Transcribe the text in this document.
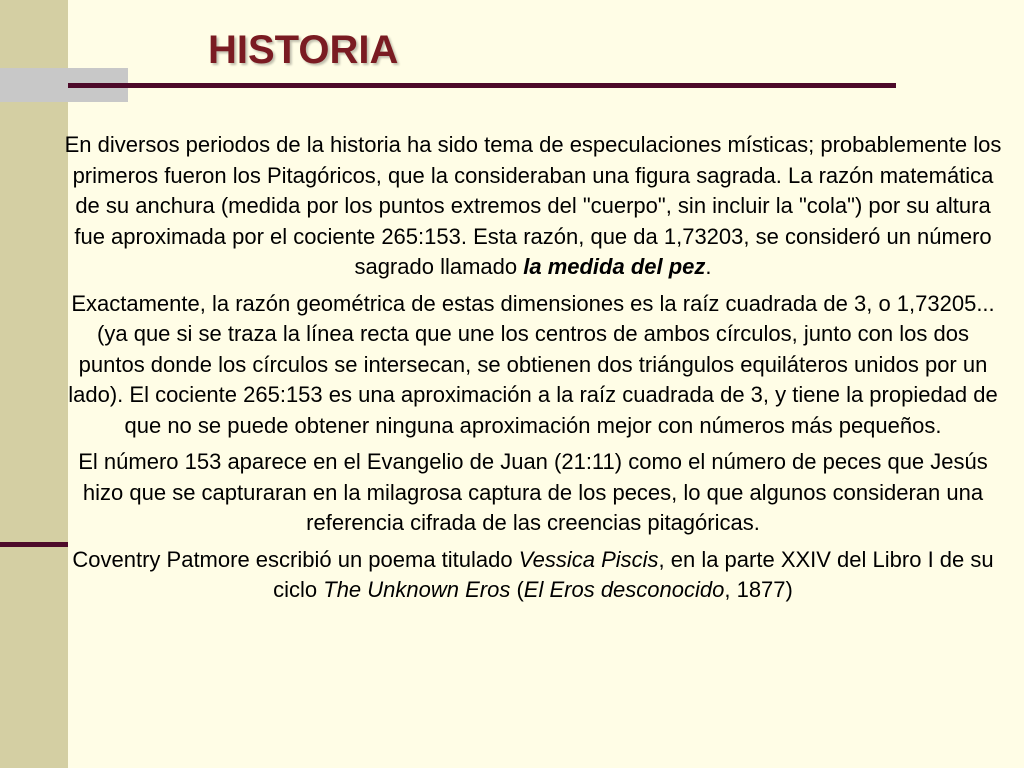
HISTORIA

En diversos periodos de la historia ha sido tema de especulaciones místicas; probablemente los primeros fueron los Pitagóricos, que la consideraban una figura sagrada. La razón matemática de su anchura (medida por los puntos extremos del "cuerpo", sin incluir la "cola") por su altura fue aproximada por el cociente 265:153. Esta razón, que da 1,73203, se consideró un número sagrado llamado la medida del pez.

Exactamente, la razón geométrica de estas dimensiones es la raíz cuadrada de 3, o 1,73205... (ya que si se traza la línea recta que une los centros de ambos círculos, junto con los dos puntos donde los círculos se intersecan, se obtienen dos triángulos equiláteros unidos por un lado). El cociente 265:153 es una aproximación a la raíz cuadrada de 3, y tiene la propiedad de que no se puede obtener ninguna aproximación mejor con números más pequeños.

El número 153 aparece en el Evangelio de Juan (21:11) como el número de peces que Jesús hizo que se capturaran en la milagrosa captura de los peces, lo que algunos consideran una referencia cifrada de las creencias pitagóricas.

Coventry Patmore escribió un poema titulado Vessica Piscis, en la parte XXIV del Libro I de su ciclo The Unknown Eros (El Eros desconocido, 1877)
